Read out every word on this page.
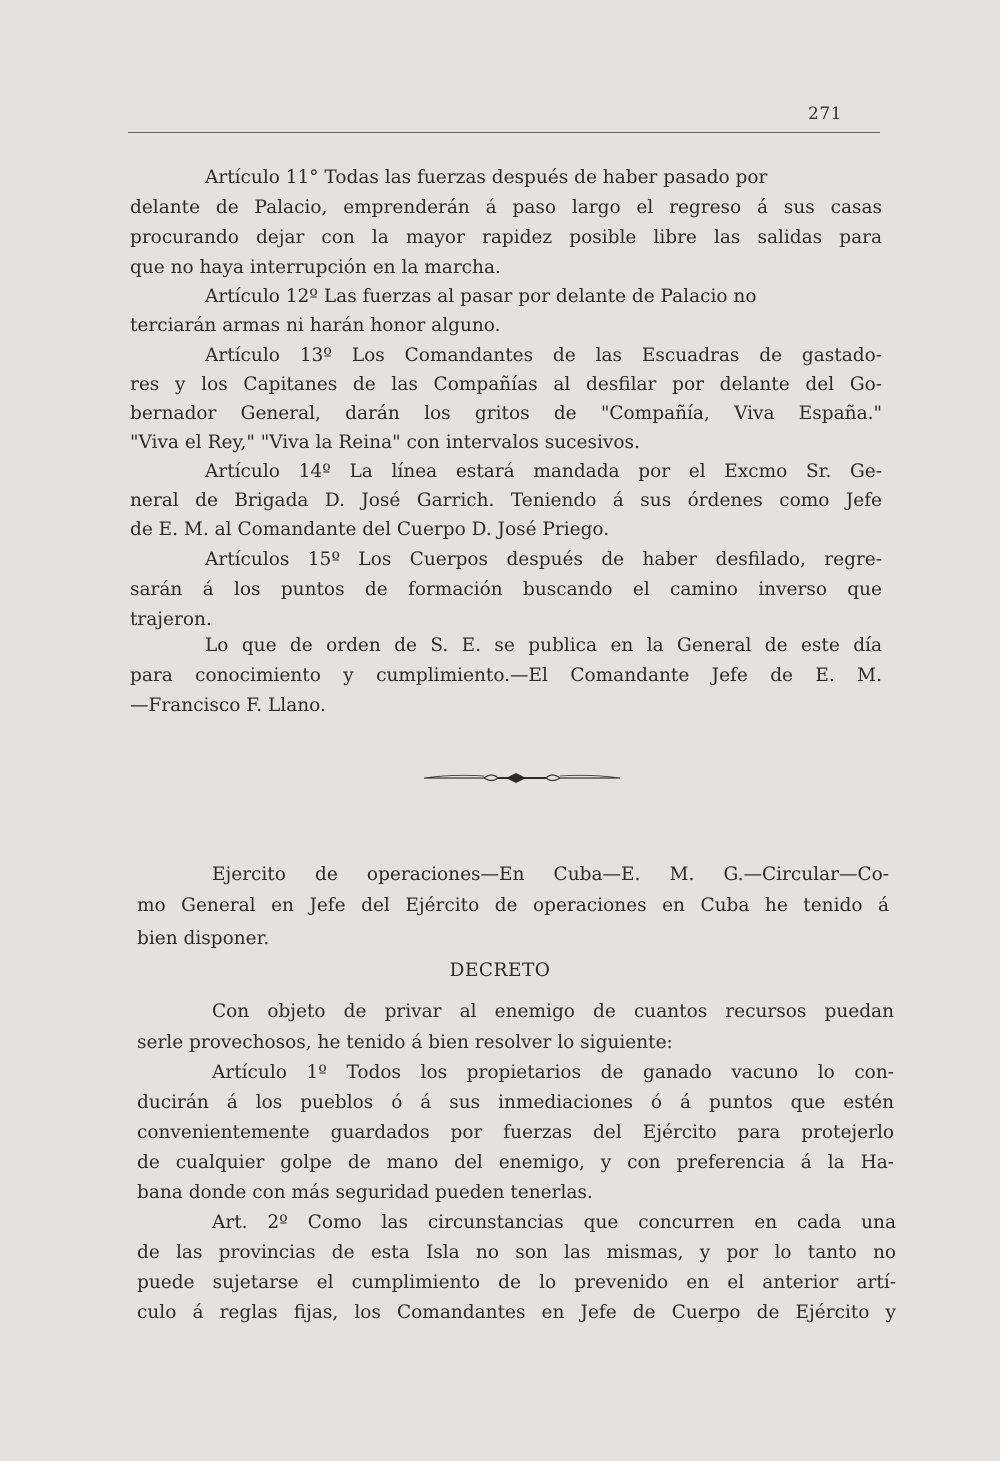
271
Artículo 11° Todas las fuerzas después de haber pasado por
delante de Palacio, emprenderán á paso largo el regreso á sus casas
procurando dejar con la mayor rapidez posible libre las salidas para
que no haya interrupción en la marcha.
Artículo 12º Las fuerzas al pasar por delante de Palacio no
terciarán armas ni harán honor alguno.
Artículo 13º Los Comandantes de las Escuadras de gastado-
res y los Capitanes de las Compañías al desfilar por delante del Go-
bernador General, darán los gritos de "Compañía, Viva España."
"Viva el Rey," "Viva la Reina" con intervalos sucesivos.
Artículo 14º La línea estará mandada por el Excmo Sr. Ge-
neral de Brigada D. José Garrich. Teniendo á sus órdenes como Jefe
de E. M. al Comandante del Cuerpo D. José Priego.
Artículos 15º Los Cuerpos después de haber desfilado, regre-
sarán á los puntos de formación buscando el camino inverso que
trajeron.
Lo que de orden de S. E. se publica en la General de este día
para conocimiento y cumplimiento.—El Comandante Jefe de E. M.
—Francisco F. Llano.
Ejercito de operaciones—En Cuba—E. M. G.—Circular—Co-
mo General en Jefe del Ejército de operaciones en Cuba he tenido á
bien disponer.
DECRETO
Con objeto de privar al enemigo de cuantos recursos puedan
serle provechosos, he tenido á bien resolver lo siguiente:
Artículo 1º Todos los propietarios de ganado vacuno lo con-
ducirán á los pueblos ó á sus inmediaciones ó á puntos que estén
convenientemente guardados por fuerzas del Ejército para protejerlo
de cualquier golpe de mano del enemigo, y con preferencia á la Ha-
bana donde con más seguridad pueden tenerlas.
Art. 2º Como las circunstancias que concurren en cada una
de las provincias de esta Isla no son las mismas, y por lo tanto no
puede sujetarse el cumplimiento de lo prevenido en el anterior artí-
culo á reglas fijas, los Comandantes en Jefe de Cuerpo de Ejército y
